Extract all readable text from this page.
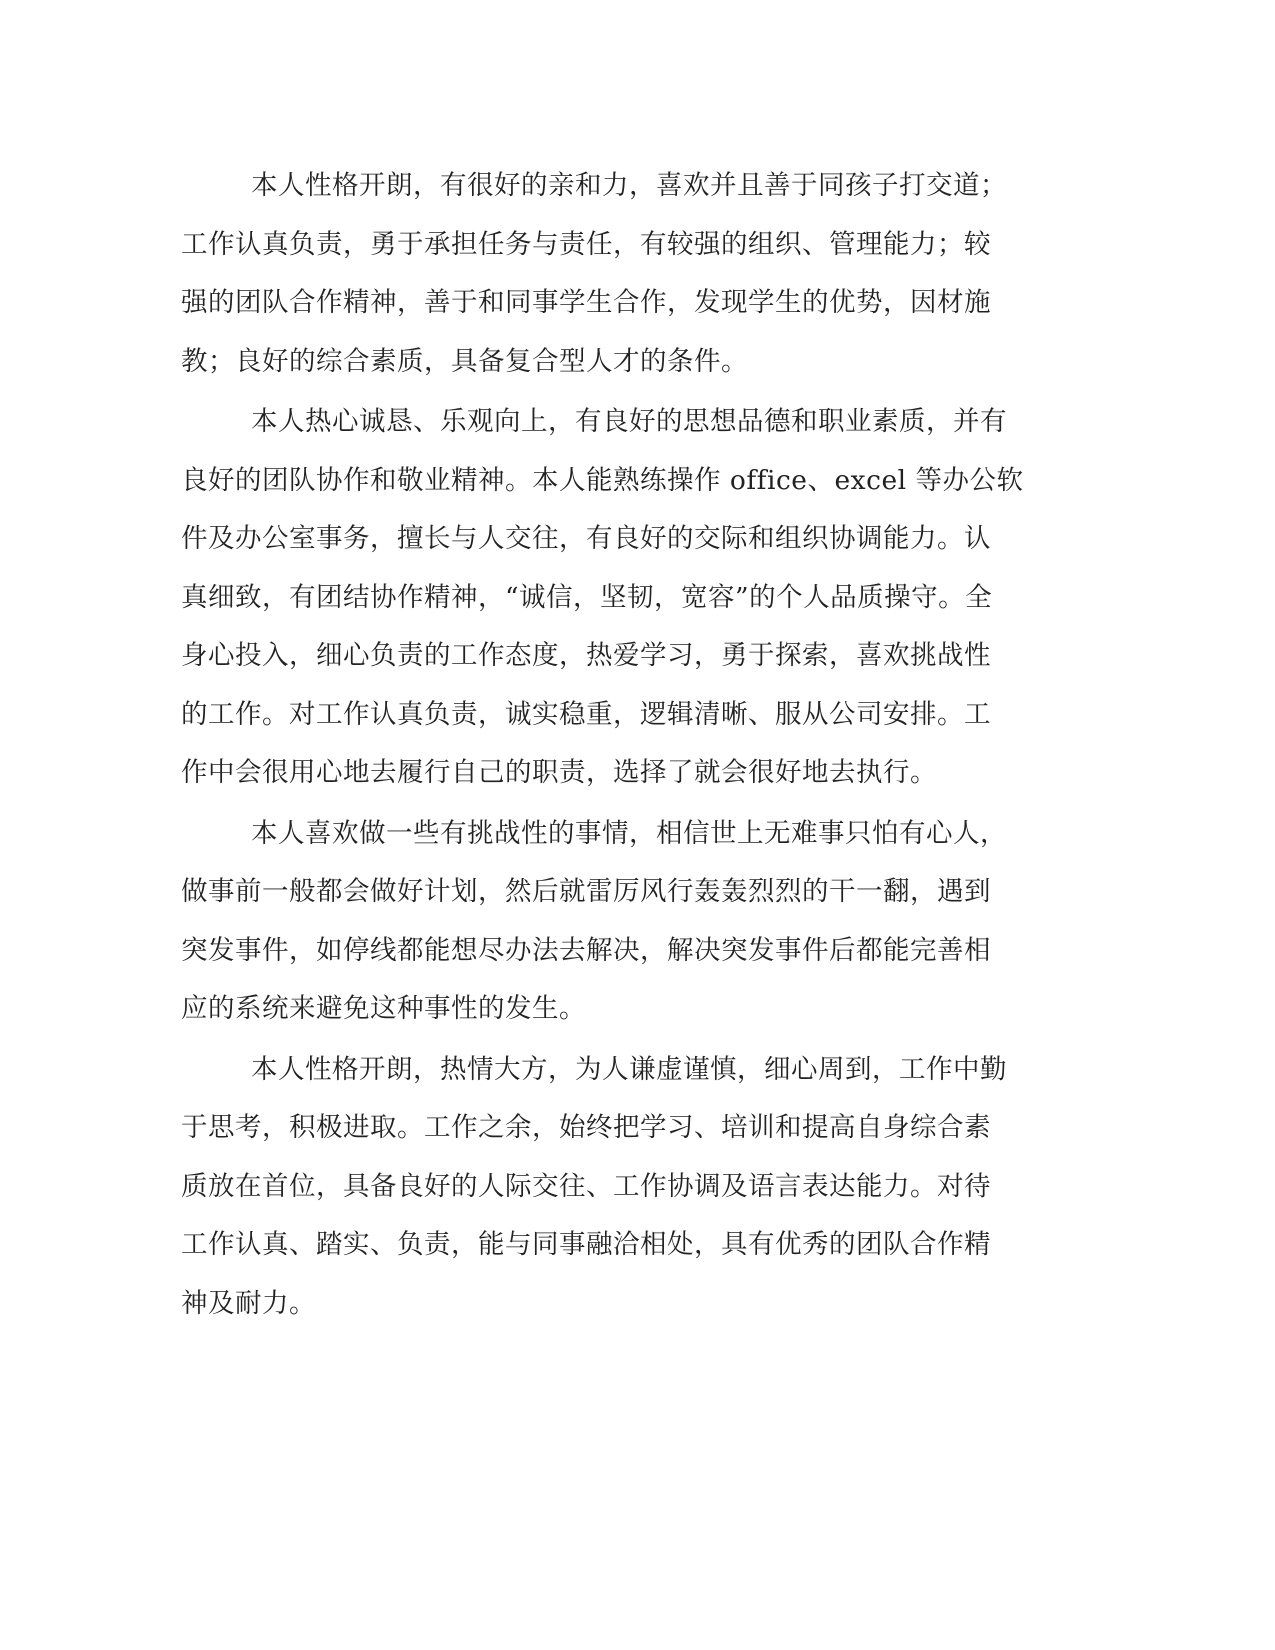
本人性格开朗，有很好的亲和力，喜欢并且善于同孩子打交道；
工作认真负责，勇于承担任务与责任，有较强的组织、管理能力；较
强的团队合作精神，善于和同事学生合作，发现学生的优势，因材施
教；良好的综合素质，具备复合型人才的条件。
本人热心诚恳、乐观向上，有良好的思想品德和职业素质，并有
良好的团队协作和敬业精神。本人能熟练操作 office、excel 等办公软
件及办公室事务，擅长与人交往，有良好的交际和组织协调能力。认
真细致，有团结协作精神，“诚信，坚韧，宽容”的个人品质操守。全
身心投入，细心负责的工作态度，热爱学习，勇于探索，喜欢挑战性
的工作。对工作认真负责，诚实稳重，逻辑清晰、服从公司安排。工
作中会很用心地去履行自己的职责，选择了就会很好地去执行。
本人喜欢做一些有挑战性的事情，相信世上无难事只怕有心人，
做事前一般都会做好计划，然后就雷厉风行轰轰烈烈的干一翻，遇到
突发事件，如停线都能想尽办法去解决，解决突发事件后都能完善相
应的系统来避免这种事性的发生。
本人性格开朗，热情大方，为人谦虚谨慎，细心周到，工作中勤
于思考，积极进取。工作之余，始终把学习、培训和提高自身综合素
质放在首位，具备良好的人际交往、工作协调及语言表达能力。对待
工作认真、踏实、负责，能与同事融洽相处，具有优秀的团队合作精
神及耐力。
